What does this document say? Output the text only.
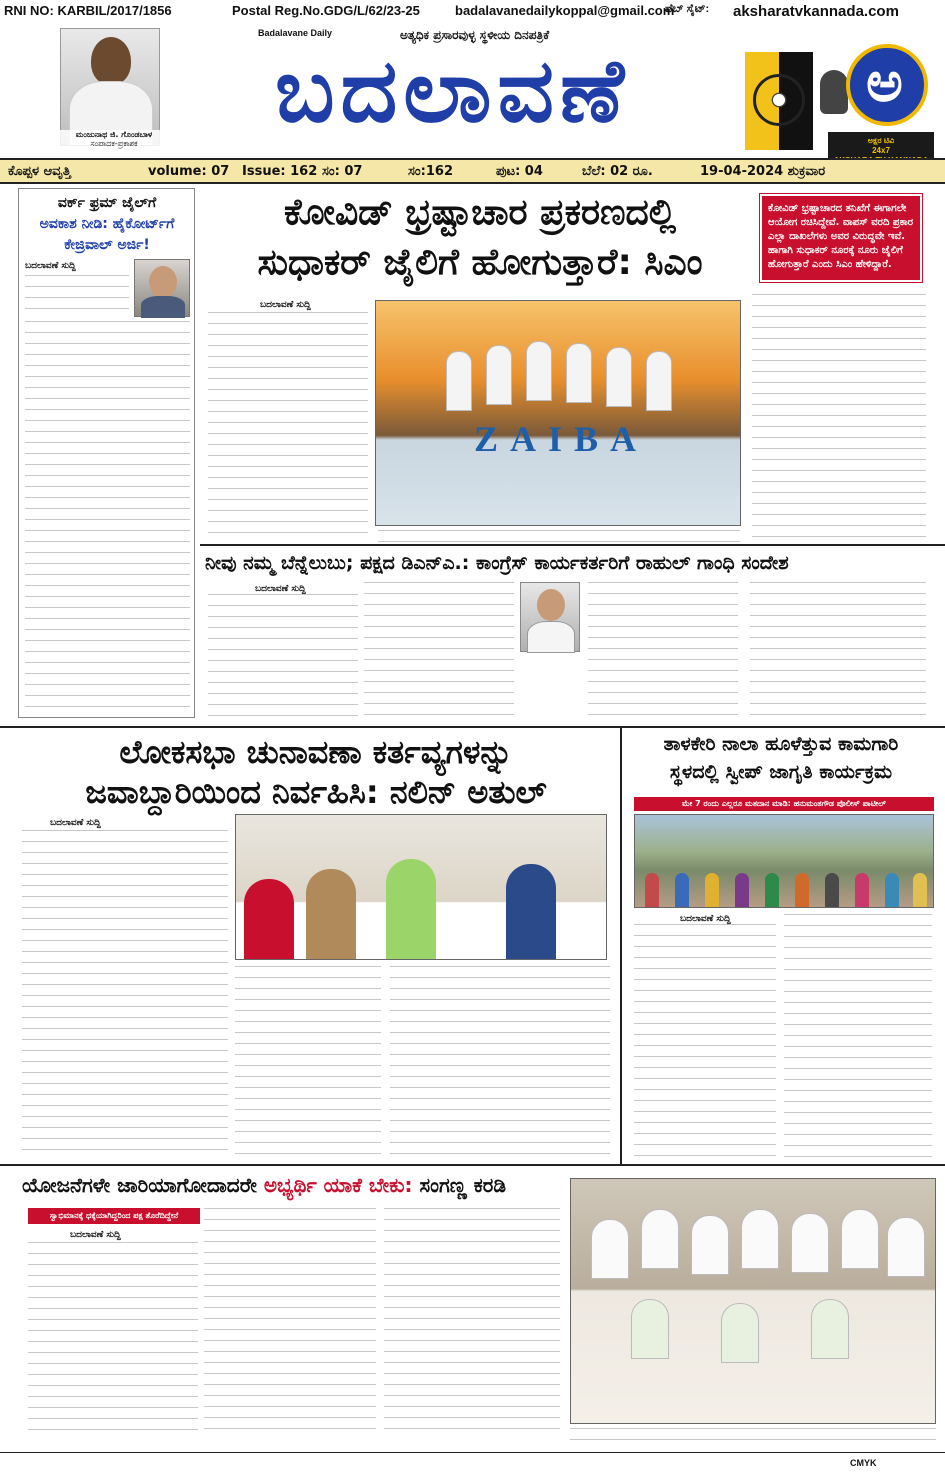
RNI NO: KARBIL/2017/1856	Postal Reg.No.GDG/L/62/23-25	badalavanedailykoppal@gmail.com
ವೆಬ್ ಸೈಟ್: aksharatvkannada.com
ಮಂಜುನಾಥ ಜಿ. ಗೊಂಡಬಾಳ
ಸಂಪಾದಕ-ಪ್ರಕಾಶಕ
Badalavane Daily	ಅತ್ಯಧಿಕ ಪ್ರಸಾರವುಳ್ಳ ಸ್ಥಳೀಯ ದಿನಪತ್ರಿಕೆ
ಬದಲಾವಣೆ	ಅ
ಅಕ್ಷರ ಟಿವಿ
24x7
ಕೊಪ್ಪಳ ಆವೃತ್ತಿ	volume: 07 Issue: 162 ಸಂ: 07	ಸಂ:162	ಪುಟ: 04	ಬೆಲೆ: 02 ರೂ.	19-04-2024 ಶುಕ್ರವಾರ
ವರ್ಕ್ ಫ್ರಮ್ ಜೈಲ್‌ಗೆ
ಅವಕಾಶ ನೀಡಿ: ಹೈಕೋರ್ಟ್‌ಗೆ
ಕೇಜ್ರಿವಾಲ್ ಅರ್ಜಿ!
ಬದಲಾವಣೆ ಸುದ್ದಿ
ಕೋವಿಡ್ ಭ್ರಷ್ಟಾಚಾರ ಪ್ರಕರಣದಲ್ಲಿ
ಸುಧಾಕರ್ ಜೈಲಿಗೆ ಹೋಗುತ್ತಾರೆ: ಸಿಎಂ
ಕೋವಿಡ್ ಭ್ರಷ್ಟಾಚಾರದ ತನಿಖೆಗೆ ಈಗಾಗಲೇ ಆಯೋಗ ರಚಿಸಿದ್ದೇವೆ. ವಾಪಸ್ ವರದಿ ಪ್ರಕಾರ ಎಲ್ಲಾ ದಾಖಲೆಗಳು ಅವರ ವಿರುದ್ಧವೇ ಇವೆ. ಹಾಗಾಗಿ ಸುಧಾಕರ್ ನೂರಕ್ಕೆ ನೂರು ಜೈಲಿಗೆ ಹೋಗುತ್ತಾರೆ ಎಂದು ಸಿಎಂ ಹೇಳಿದ್ದಾರೆ.
ಬದಲಾವಣೆ ಸುದ್ದಿ
ZAIBA
ನೀವು ನಮ್ಮ ಬೆನ್ನೆಲುಬು; ಪಕ್ಷದ ಡಿಎನ್‌ಎ.: ಕಾಂಗ್ರೆಸ್ ಕಾರ್ಯಕರ್ತರಿಗೆ ರಾಹುಲ್ ಗಾಂಧಿ ಸಂದೇಶ
ಬದಲಾವಣೆ ಸುದ್ದಿ
ಲೋಕಸಭಾ ಚುನಾವಣಾ ಕರ್ತವ್ಯಗಳನ್ನು
ಜವಾಬ್ದಾರಿಯಿಂದ ನಿರ್ವಹಿಸಿ: ನಲಿನ್ ಅತುಲ್
ಬದಲಾವಣೆ ಸುದ್ದಿ
ತಾಳಕೇರಿ ನಾಲಾ ಹೂಳೆತ್ತುವ ಕಾಮಗಾರಿ
ಸ್ಥಳದಲ್ಲಿ ಸ್ವೀಪ್ ಜಾಗೃತಿ ಕಾರ್ಯಕ್ರಮ
ಮೇ 7 ರಂದು ಎಲ್ಲರೂ ಮತದಾನ ಮಾಡಿ: ಹನುಮಂತಗೌಡ ಪೊಲೀಸ್ ಪಾಟೀಲ್
ಬದಲಾವಣೆ ಸುದ್ದಿ
ಯೋಜನೆಗಳೇ ಜಾರಿಯಾಗೋದಾದರೇ ಅಭ್ಯರ್ಥಿ ಯಾಕೆ ಬೇಕು: ಸಂಗಣ್ಣ ಕರಡಿ
ಸ್ವಾಭಿಮಾನಕ್ಕೆ ಧಕ್ಕೆಯಾಗಿದ್ದರಿಂದ ಪಕ್ಷ ತೊರೆದಿದ್ದೇನೆ
ಬದಲಾವಣೆ ಸುದ್ದಿ
CMYK
